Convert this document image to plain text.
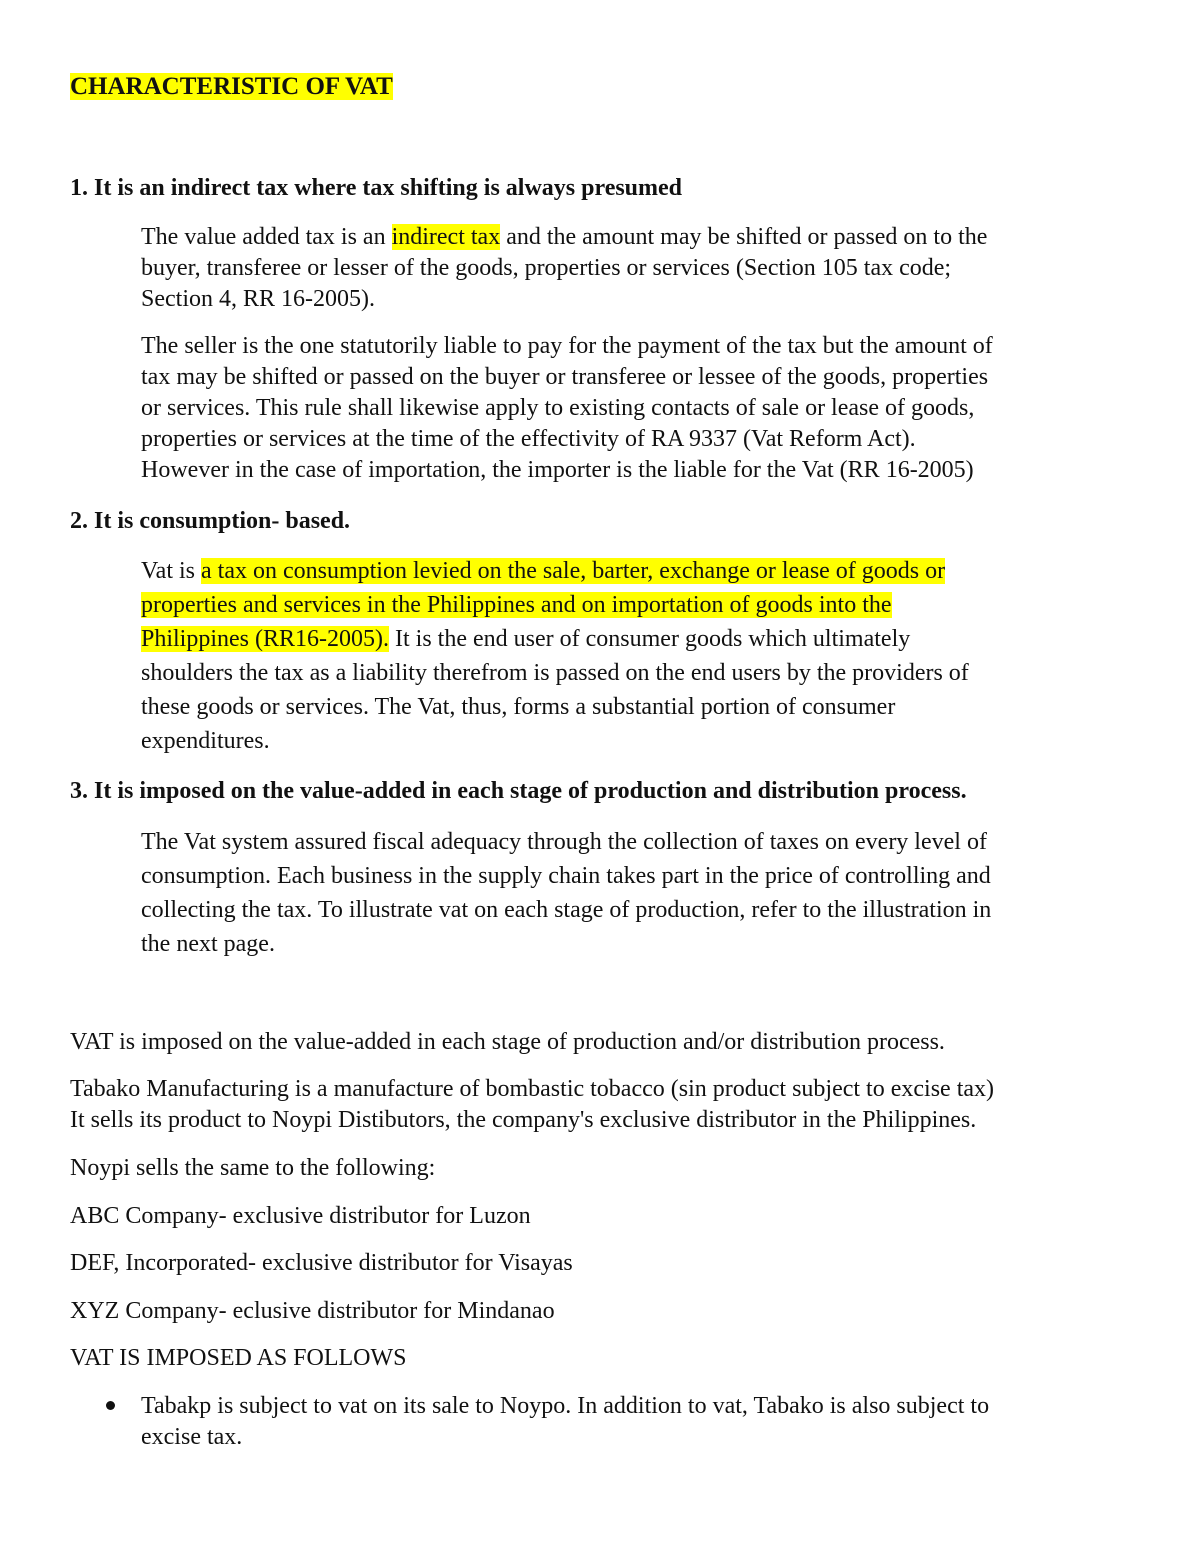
CHARACTERISTIC OF VAT
1. It is an indirect tax where tax shifting is always presumed

The value added tax is an indirect tax and the amount may be shifted or passed on to the
buyer, transferee or lesser of the goods, properties or services (Section 105 tax code;
Section 4, RR 16-2005).

The seller is the one statutorily liable to pay for the payment of the tax but the amount of
tax may be shifted or passed on the buyer or transferee or lessee of the goods, properties
or services. This rule shall likewise apply to existing contacts of sale or lease of goods,
properties or services at the time of the effectivity of RA 9337 (Vat Reform Act).
However in the case of importation, the importer is the liable for the Vat (RR 16-2005)

2. It is consumption- based.

Vat is a tax on consumption levied on the sale, barter, exchange or lease of goods or
properties and services in the Philippines and on importation of goods into the
Philippines (RR16-2005). It is the end user of consumer goods which ultimately
shoulders the tax as a liability therefrom is passed on the end users by the providers of
these goods or services. The Vat, thus, forms a substantial portion of consumer
expenditures.

3. It is imposed on the value-added in each stage of production and distribution process.

The Vat system assured fiscal adequacy through the collection of taxes on every level of
consumption. Each business in the supply chain takes part in the price of controlling and
collecting the tax. To illustrate vat on each stage of production, refer to the illustration in
the next page.

VAT is imposed on the value-added in each stage of production and/or distribution process.

Tabako Manufacturing is a manufacture of bombastic tobacco (sin product subject to excise tax)
It sells its product to Noypi Distibutors, the company's exclusive distributor in the Philippines.

Noypi sells the same to the following:

ABC Company- exclusive distributor for Luzon

DEF, Incorporated- exclusive distributor for Visayas

XYZ Company- eclusive distributor for Mindanao

VAT IS IMPOSED AS FOLLOWS

Tabakp is subject to vat on its sale to Noypo. In addition to vat, Tabako is also subject to
excise tax.
